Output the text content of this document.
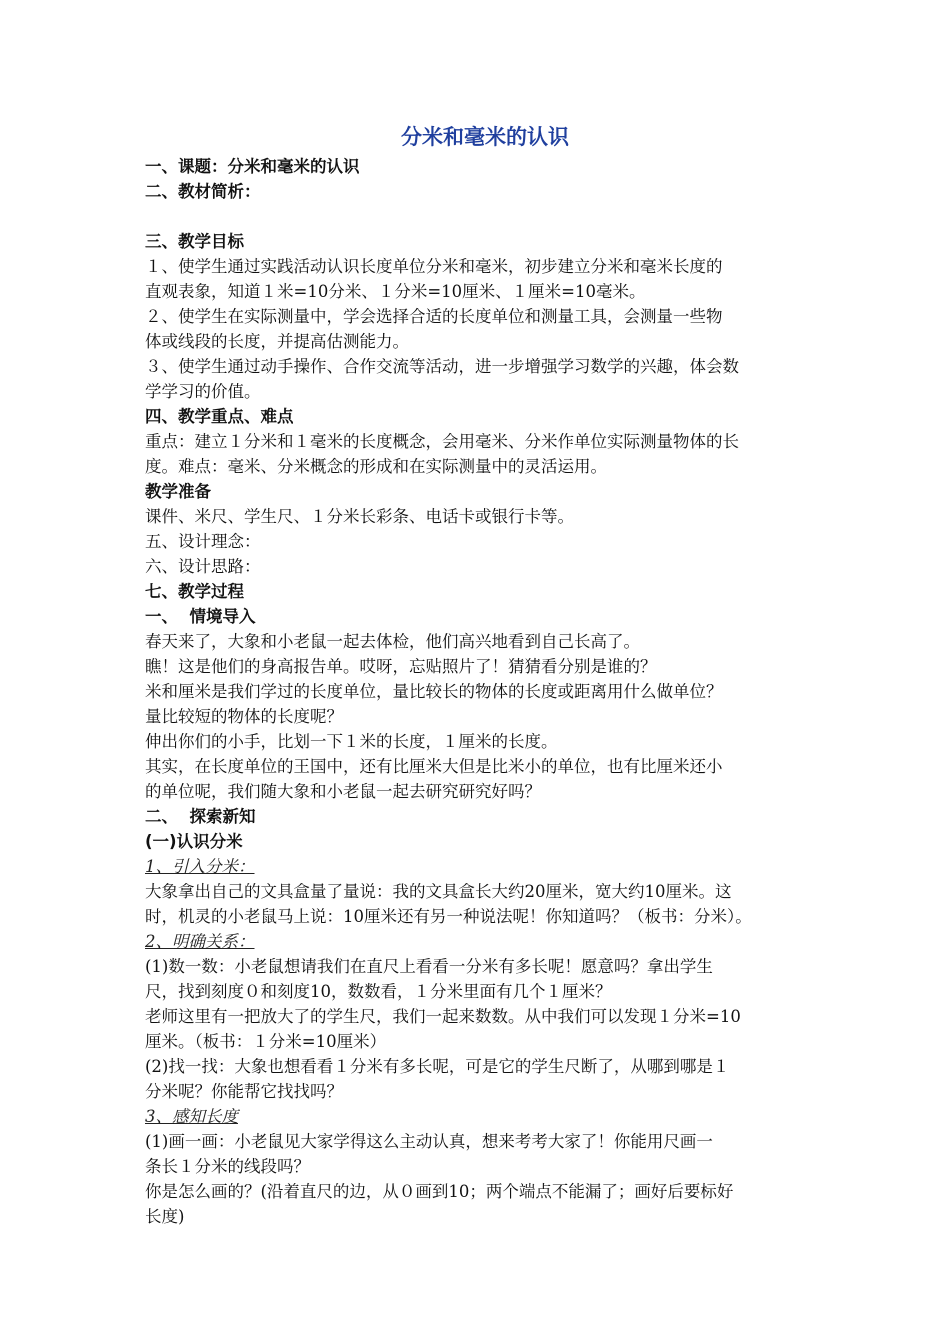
分米和毫米的认识
一、课题：分米和毫米的认识
二、教材简析：
三、教学目标
１、使学生通过实践活动认识长度单位分米和毫米，初步建立分米和毫米长度的
直观表象，知道１米=10分米、１分米=10厘米、１厘米=10毫米。
２、使学生在实际测量中，学会选择合适的长度单位和测量工具，会测量一些物
体或线段的长度，并提高估测能力。
３、使学生通过动手操作、合作交流等活动，进一步增强学习数学的兴趣，体会数
学学习的价值。
四、教学重点、难点
重点：建立１分米和１毫米的长度概念，会用毫米、分米作单位实际测量物体的长
度。难点：毫米、分米概念的形成和在实际测量中的灵活运用。
教学准备
课件、米尺、学生尺、１分米长彩条、电话卡或银行卡等。
五、设计理念：
六、设计思路：
七、教学过程
一、  情境导入
春天来了，大象和小老鼠一起去体检，他们高兴地看到自己长高了。
瞧！这是他们的身高报告单。哎呀，忘贴照片了！猜猜看分别是谁的？
米和厘米是我们学过的长度单位，量比较长的物体的长度或距离用什么做单位？
量比较短的物体的长度呢？
伸出你们的小手，比划一下１米的长度，１厘米的长度。
其实，在长度单位的王国中，还有比厘米大但是比米小的单位，也有比厘米还小
的单位呢，我们随大象和小老鼠一起去研究研究好吗？
二、  探索新知
(一)认识分米
1、引入分米：
大象拿出自己的文具盒量了量说：我的文具盒长大约20厘米，宽大约10厘米。这
时，机灵的小老鼠马上说：10厘米还有另一种说法呢！你知道吗？（板书：分米）。
2、明确关系：
(1)数一数：小老鼠想请我们在直尺上看看一分米有多长呢！愿意吗？拿出学生
尺，找到刻度０和刻度10，数数看，１分米里面有几个１厘米？
老师这里有一把放大了的学生尺，我们一起来数数。从中我们可以发现１分米=10
厘米。（板书：１分米=10厘米）
(2)找一找：大象也想看看１分米有多长呢，可是它的学生尺断了，从哪到哪是１
分米呢？你能帮它找找吗？
3、感知长度
(1)画一画：小老鼠见大家学得这么主动认真，想来考考大家了！你能用尺画一
条长１分米的线段吗？
你是怎么画的？(沿着直尺的边，从０画到10；两个端点不能漏了；画好后要标好
长度)
